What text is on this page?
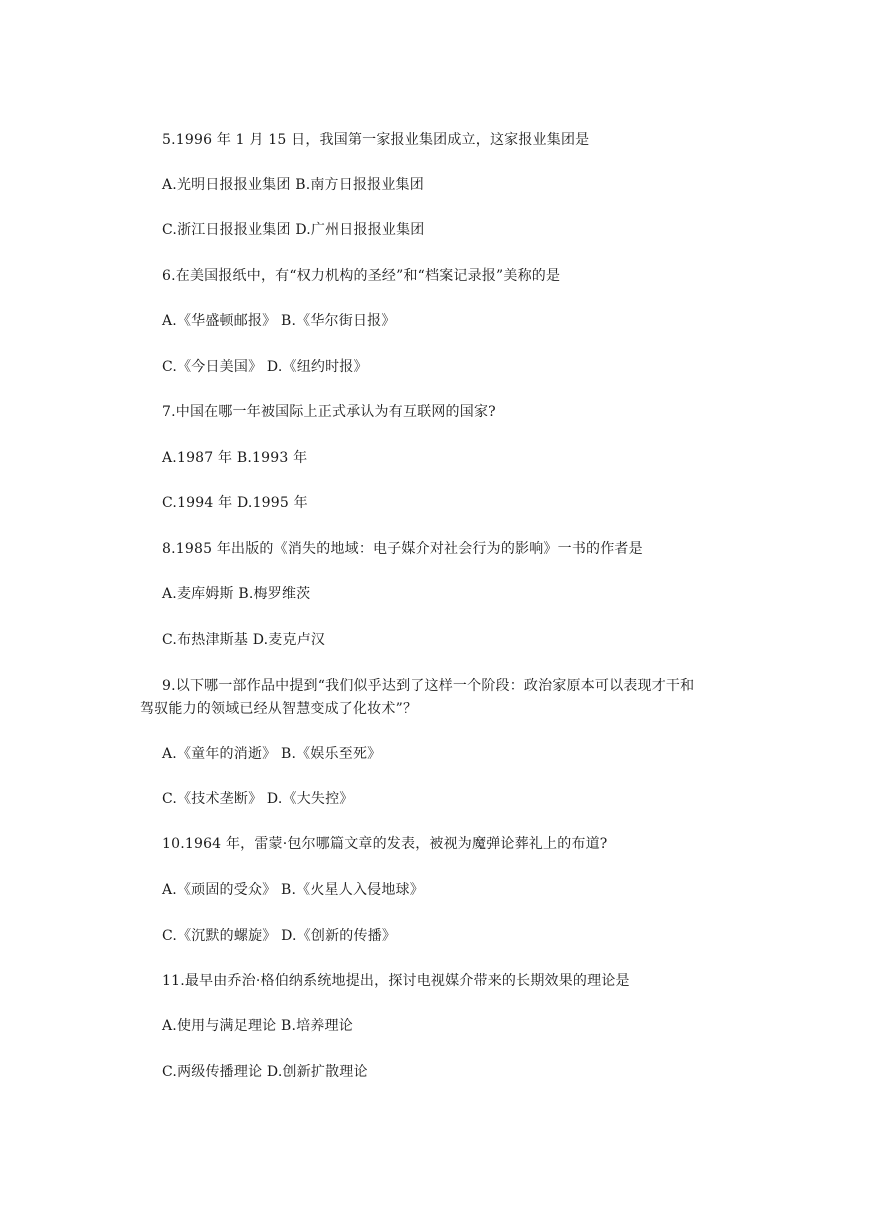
5.1996 年 1 月 15 日，我国第一家报业集团成立，这家报业集团是
A.光明日报报业集团 B.南方日报报业集团
C.浙江日报报业集团 D.广州日报报业集团
6.在美国报纸中，有“权力机构的圣经”和“档案记录报”美称的是
A.《华盛顿邮报》 B.《华尔街日报》
C.《今日美国》 D.《纽约时报》
7.中国在哪一年被国际上正式承认为有互联网的国家?
A.1987 年 B.1993 年
C.1994 年 D.1995 年
8.1985 年出版的《消失的地域：电子媒介对社会行为的影响》一书的作者是
A.麦库姆斯 B.梅罗维茨
C.布热津斯基 D.麦克卢汉
9.以下哪一部作品中提到“我们似乎达到了这样一个阶段：政治家原本可以表现才干和
驾驭能力的领域已经从智慧变成了化妆术”？
A.《童年的消逝》 B.《娱乐至死》
C.《技术垄断》 D.《大失控》
10.1964 年，雷蒙·包尔哪篇文章的发表，被视为魔弹论葬礼上的布道?
A.《顽固的受众》 B.《火星人入侵地球》
C.《沉默的螺旋》 D.《创新的传播》
11.最早由乔治·格伯纳系统地提出，探讨电视媒介带来的长期效果的理论是
A.使用与满足理论 B.培养理论
C.两级传播理论 D.创新扩散理论
